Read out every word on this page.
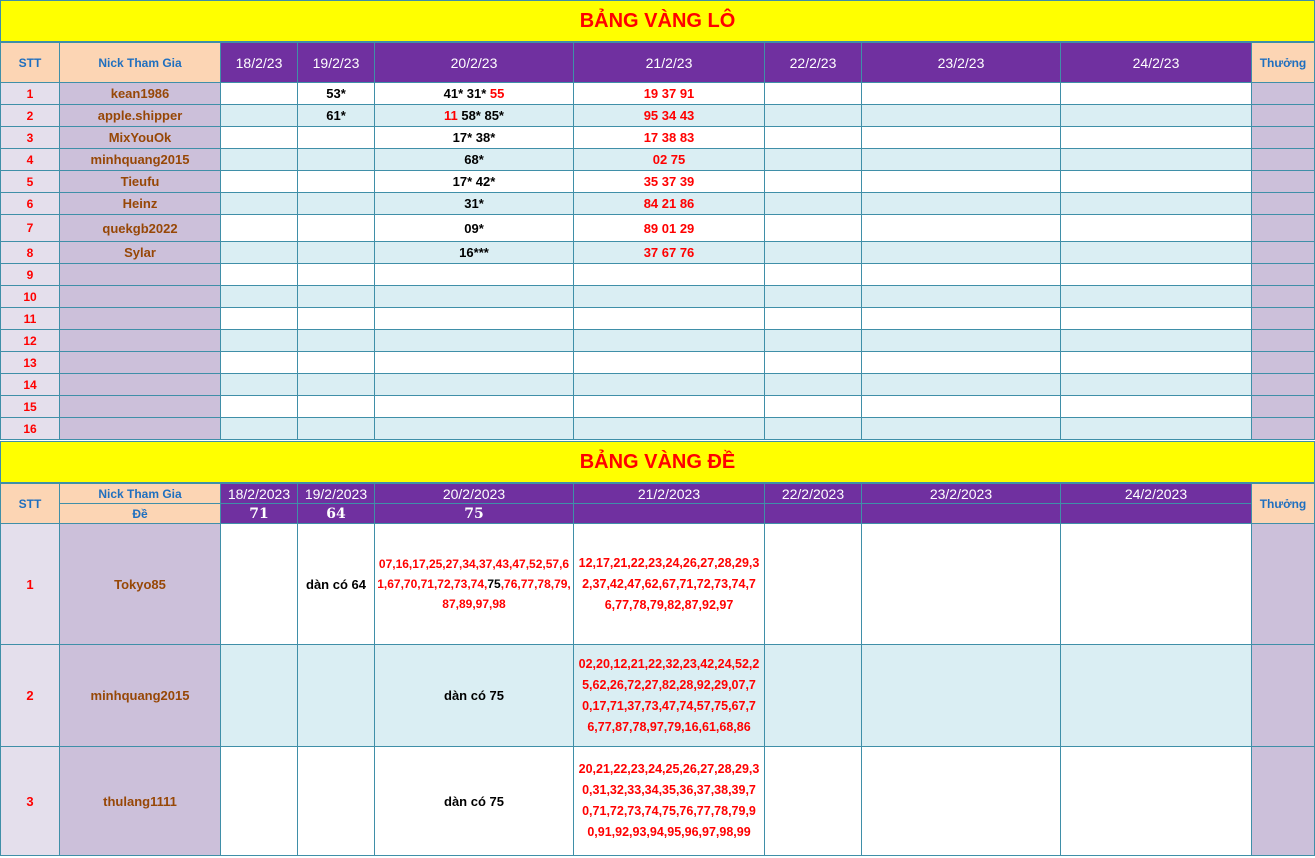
BẢNG VÀNG LÔ
STT	Nick Tham Gia	18/2/23	19/2/23	20/2/23	21/2/23	22/2/23	23/2/23	24/2/23	Thưởng
1	kean1986		53*	41* 31* 55	19 37 91				
2	apple.shipper		61*	11 58* 85*	95 34 43				
3	MixYouOk			17* 38*	17 38 83				
4	minhquang2015			68*	02 75				
5	Tieufu			17* 42*	35 37 39				
6	Heinz			31*	84 21 86				
7	quekgb2022			09*	89 01 29				
8	Sylar			16***	37 67 76				
9									
10									
11									
12									
13									
14									
15									
16									
BẢNG VÀNG ĐỀ
STT	Nick Tham Gia	18/2/2023	19/2/2023	20/2/2023	21/2/2023	22/2/2023	23/2/2023	24/2/2023	Thưởng
	Đề	71	64	75					
1	Tokyo85		dàn có 64	07,16,17,25,27,34,37,43,47,52,57,61,67,70,71,72,73,74,75,76,77,78,79,87,89,97,98	12,17,21,22,23,24,26,27,28,29,32,37,42,47,62,67,71,72,73,74,76,77,78,79,82,87,92,97				

2	minhquang2015			dàn có 75	02,20,12,21,22,32,23,42,24,52,25,62,26,72,27,82,28,92,29,07,70,17,71,37,73,47,74,57,75,67,76,77,87,78,97,79,16,61,68,86				

3	thulang1111			dàn có 75	20,21,22,23,24,25,26,27,28,29,30,31,32,33,34,35,36,37,38,39,70,71,72,73,74,75,76,77,78,79,90,91,92,93,94,95,96,97,98,99				
